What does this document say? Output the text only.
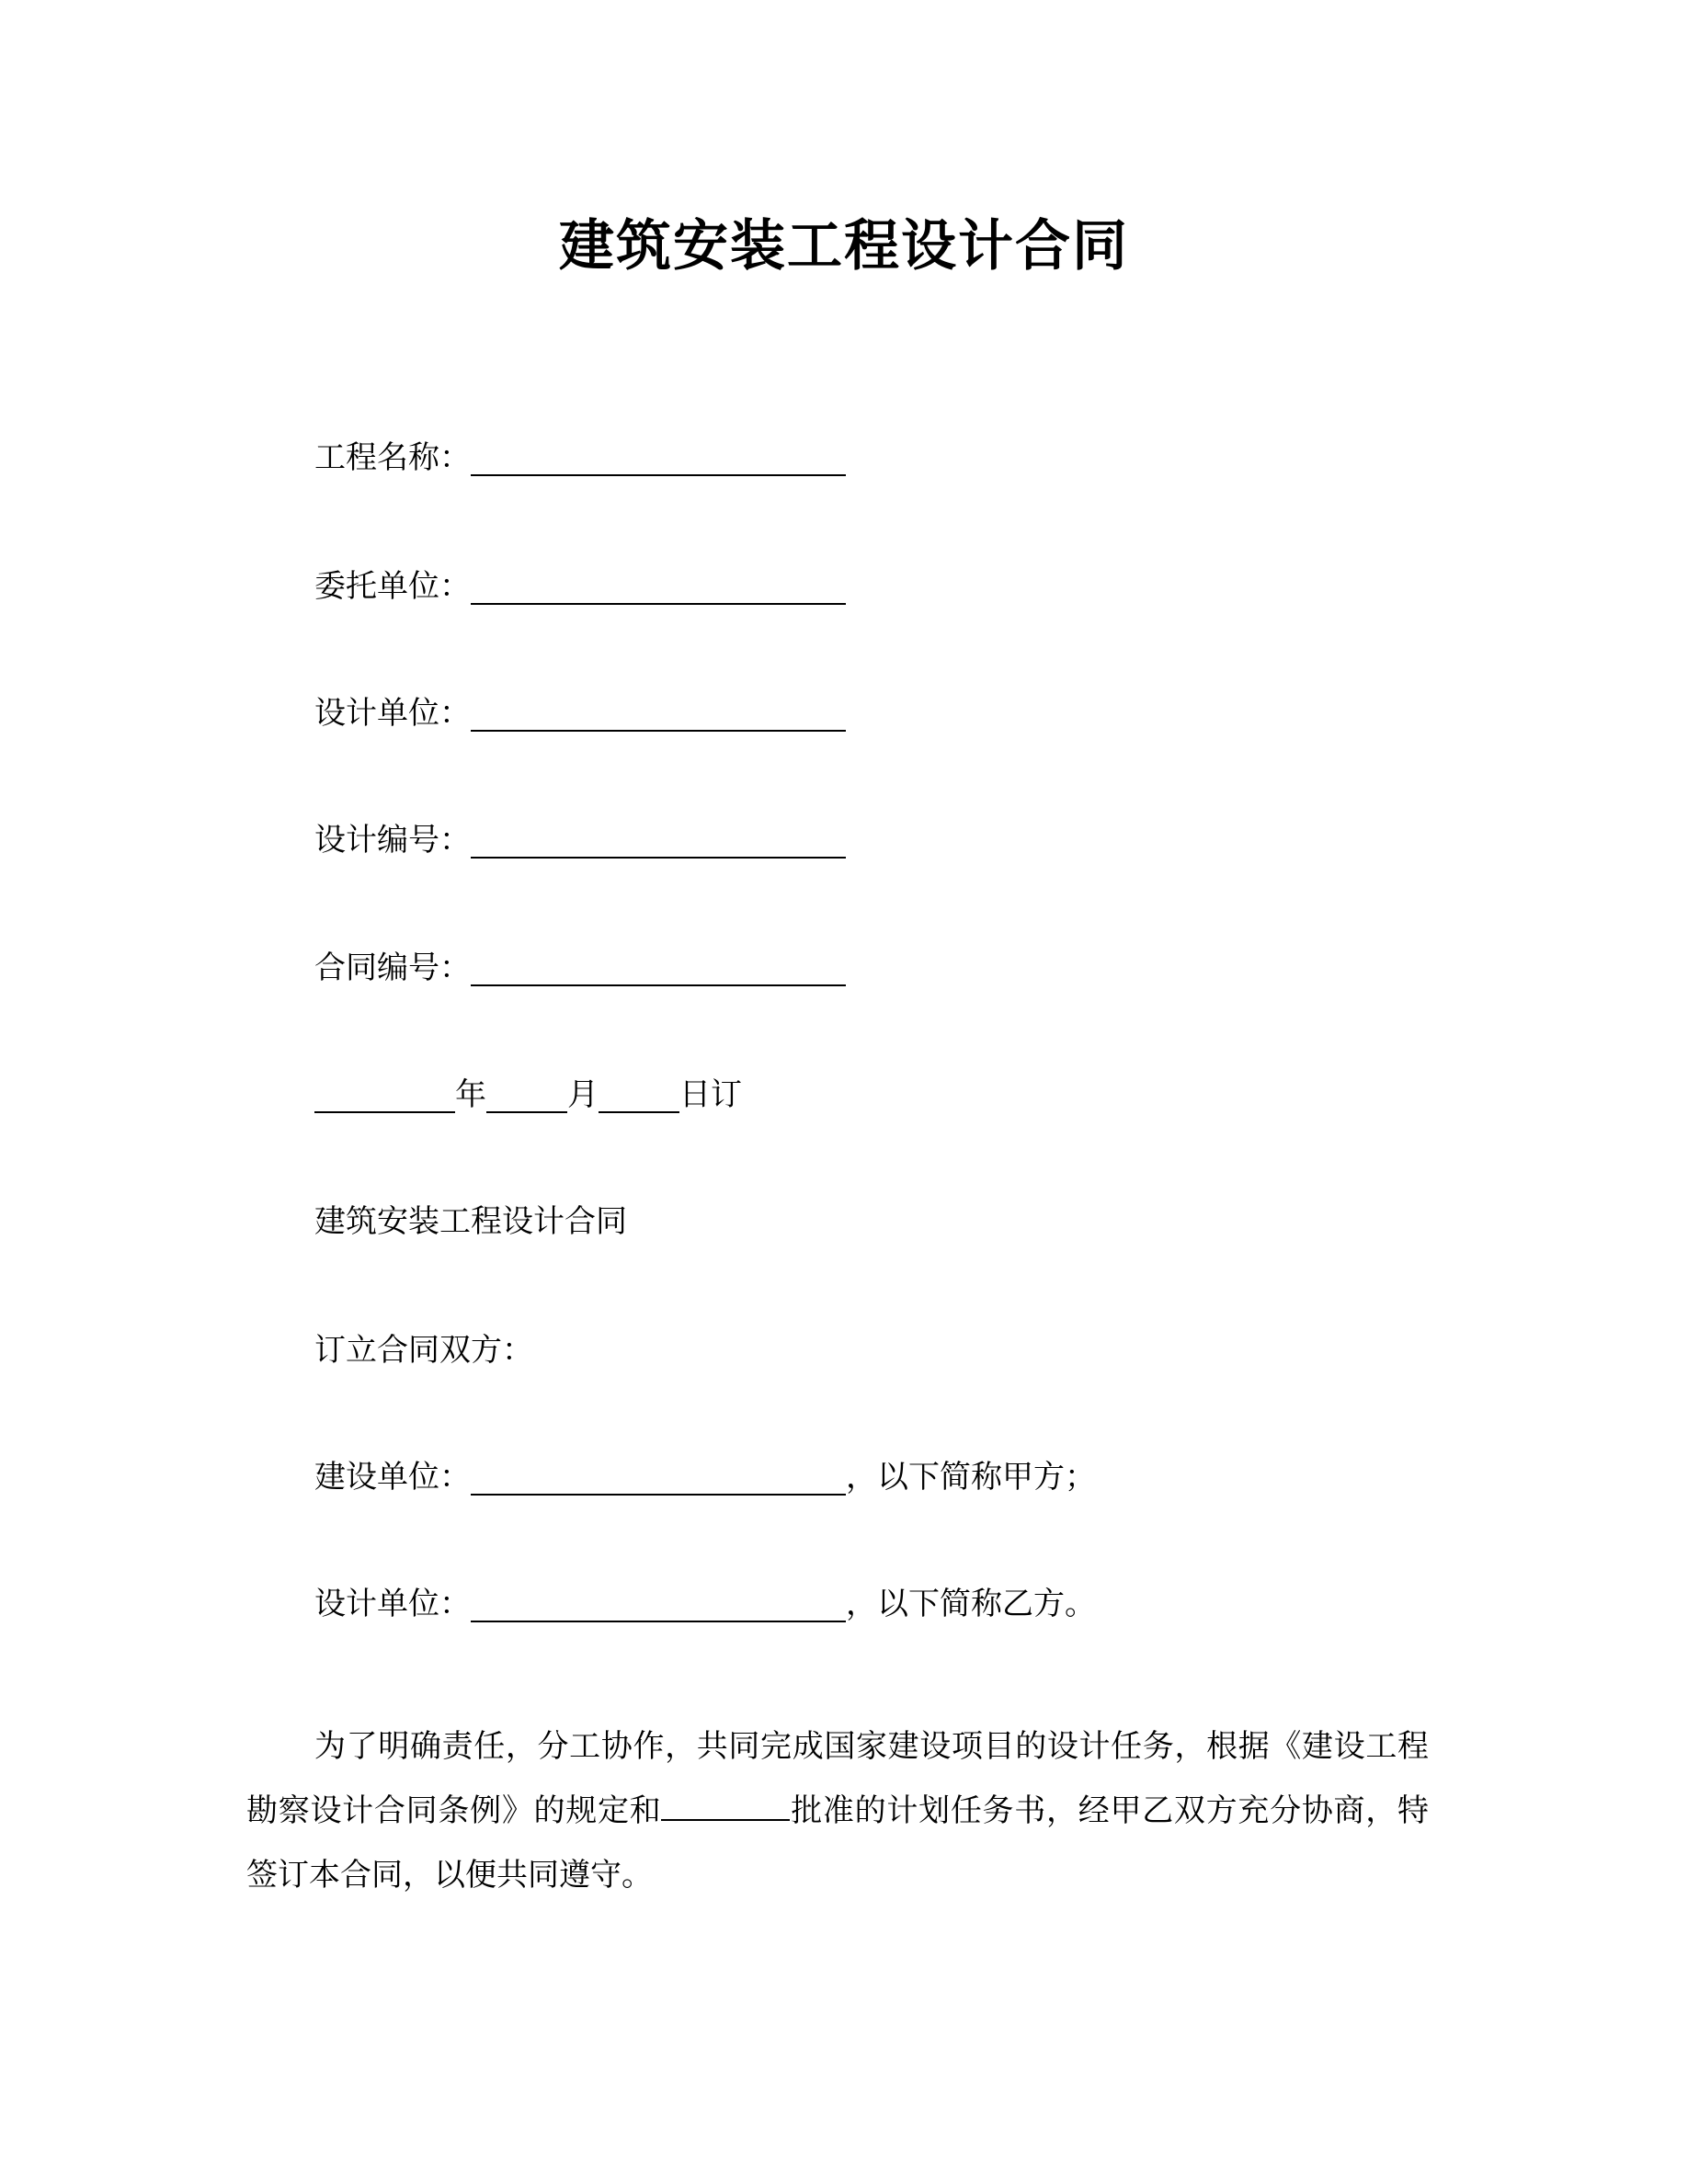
建筑安装工程设计合同
工程名称：
委托单位：
设计单位：
设计编号：
合同编号：
年	月	日订
建筑安装工程设计合同
订立合同双方：
建设单位：	，以下简称甲方；
设计单位：	，以下简称乙方。
为了明确责任，分工协作，共同完成国家建设项目的设计任务，根据《建设工程勘察设计合同条例》的规定和	批准的计划任务书，经甲乙双方充分协商，特签订本合同，以便共同遵守。
